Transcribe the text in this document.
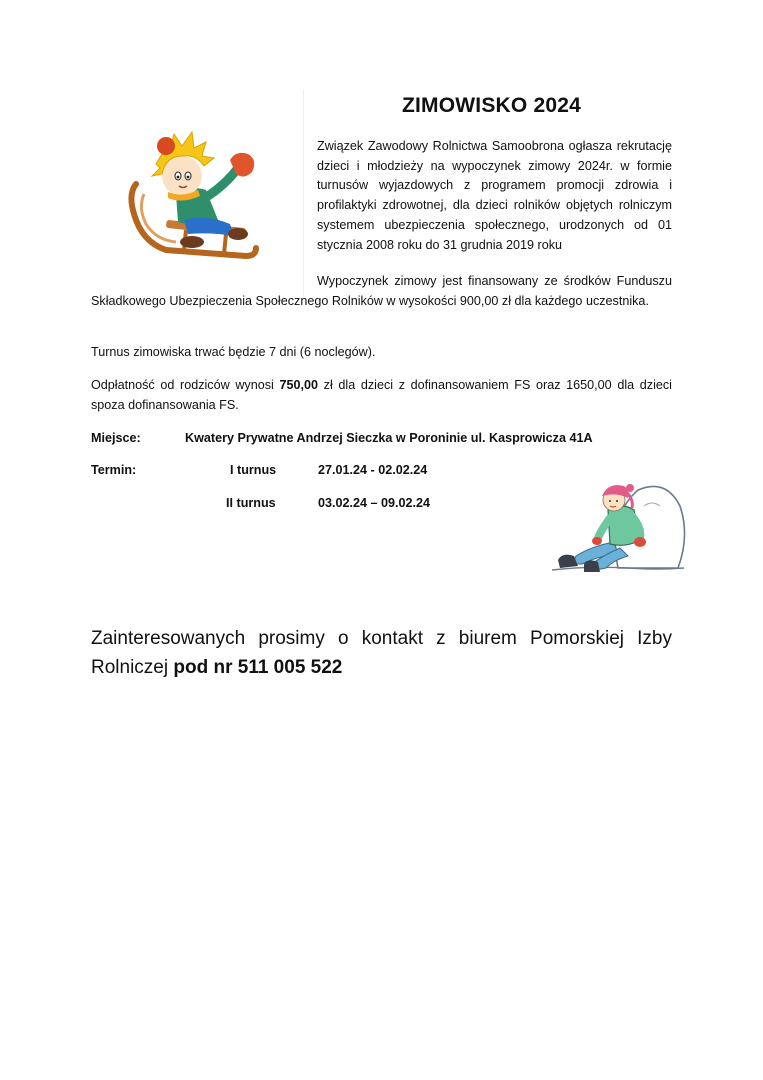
ZIMOWISKO 2024
Związek Zawodowy Rolnictwa Samoobrona ogłasza rekrutację dzieci i młodzieży na wypoczynek zimowy 2024r. w formie turnusów wyjazdowych z programem promocji zdrowia i profilaktyki zdrowotnej, dla dzieci rolników objętych rolniczym systemem ubezpieczenia społecznego, urodzonych od 01 stycznia 2008 roku do 31 grudnia 2019 roku
Wypoczynek zimowy jest finansowany ze środków Funduszu Składkowego Ubezpieczenia Społecznego Rolników w wysokości 900,00 zł dla każdego uczestnika.
Turnus zimowiska trwać będzie 7 dni (6 noclegów).
Odpłatność od rodziców wynosi 750,00 zł dla dzieci z dofinansowaniem FS oraz 1650,00 dla dzieci spoza dofinansowania FS.
Miejsce:	Kwatery Prywatne Andrzej Sieczka w Poroninie ul. Kasprowicza 41A
Termin:	I turnus	27.01.24 - 02.02.24
II turnus	03.02.24 – 09.02.24
Zainteresowanych prosimy o kontakt z biurem Pomorskiej Izby Rolniczej pod nr 511 005 522
